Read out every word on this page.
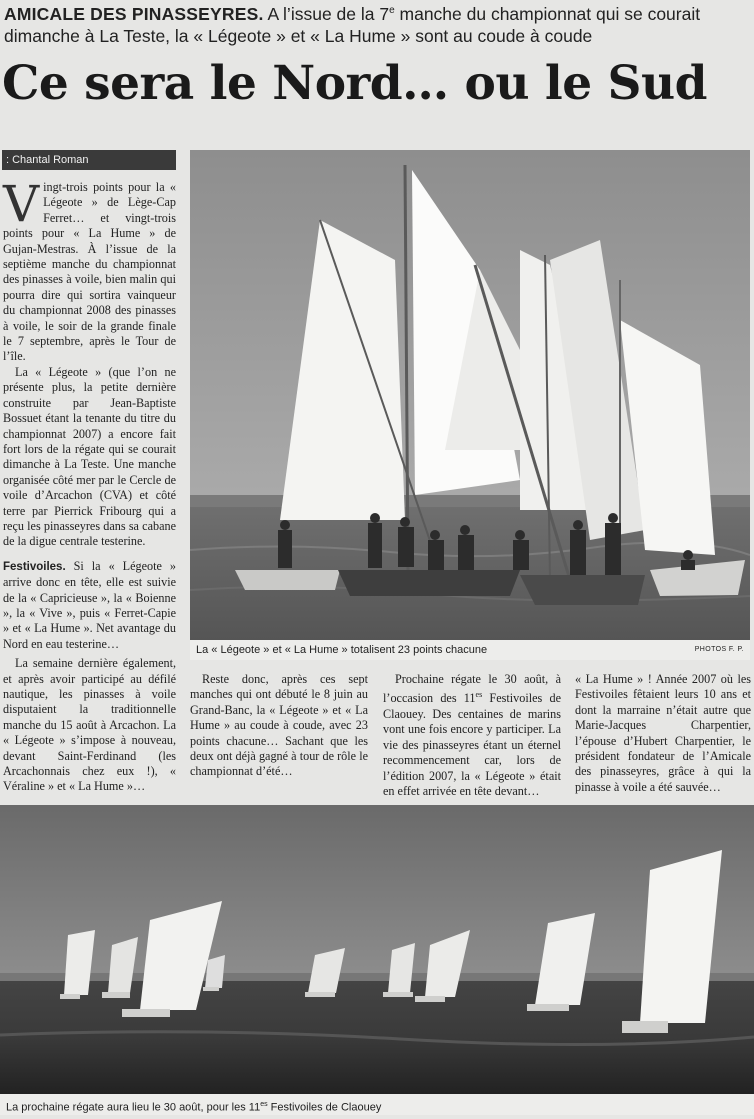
AMICALE DES PINASSEYRES. A l’issue de la 7e manche du championnat qui se courait dimanche à La Teste, la « Légeote » et « La Hume » sont au coude à coude
Ce sera le Nord… ou le Sud
: Chantal Roman

Vingt-trois points pour la « Légeote » de Lège-Cap Ferret… et vingt-trois points pour « La Hume » de Gujan-Mestras. À l’issue de la septième manche du championnat des pinasses à voile, bien malin qui pourra dire qui sortira vainqueur du championnat 2008 des pinasses à voile, le soir de la grande finale le 7 septembre, après le Tour de l’île.

La « Légeote » (que l’on ne présente plus, la petite dernière construite par Jean-Baptiste Bossuet étant la tenante du titre du championnat 2007) a encore fait fort lors de la régate qui se courait dimanche à La Teste. Une manche organisée côté mer par le Cercle de voile d’Arcachon (CVA) et côté terre par Pierrick Fribourg qui a reçu les pinasseyres dans sa cabane de la digue centrale testerine.

Festivoiles. Si la « Légeote » arrive donc en tête, elle est suivie de la « Capricieuse », la « Boienne », la « Vive », puis « Ferret-Capie » et « La Hume ». Net avantage du Nord en eau testerine…

La semaine dernière également, et après avoir participé au défilé nautique, les pinasses à voile disputaient la traditionnelle manche du 15 août à Arcachon. La « Légeote » s’impose à nouveau, devant Saint-Ferdinand (les Arcachonnais chez eux !), « Véraline » et « La Hume »…

La « Légeote » et « La Hume » totalisent 23 points chacune	PHOTOS F. P.

Reste donc, après ces sept manches qui ont débuté le 8 juin au Grand-Banc, la « Légeote » et « La Hume » au coude à coude, avec 23 points chacune… Sachant que les deux ont déjà gagné à tour de rôle le championnat d’été…

Prochaine régate le 30 août, à l’occasion des $11^{es}$ Festivoiles de Claouey. Des centaines de marins vont une fois encore y participer. La vie des pinasseyres étant un éternel recommencement car, lors de l’édition 2007, la « Légeote » était en effet arrivée en tête devant…

« La Hume » ! Année 2007 où les Festivoiles fêtaient leurs 10 ans et dont la marraine n’était autre que Marie-Jacques Charpentier, l’épouse d’Hubert Charpentier, le président fondateur de l’Amicale des pinasseyres, grâce à qui la pinasse à voile a été sauvée…

La prochaine régate aura lieu le 30 août, pour les $11^{es}$ Festivoiles de Claouey
